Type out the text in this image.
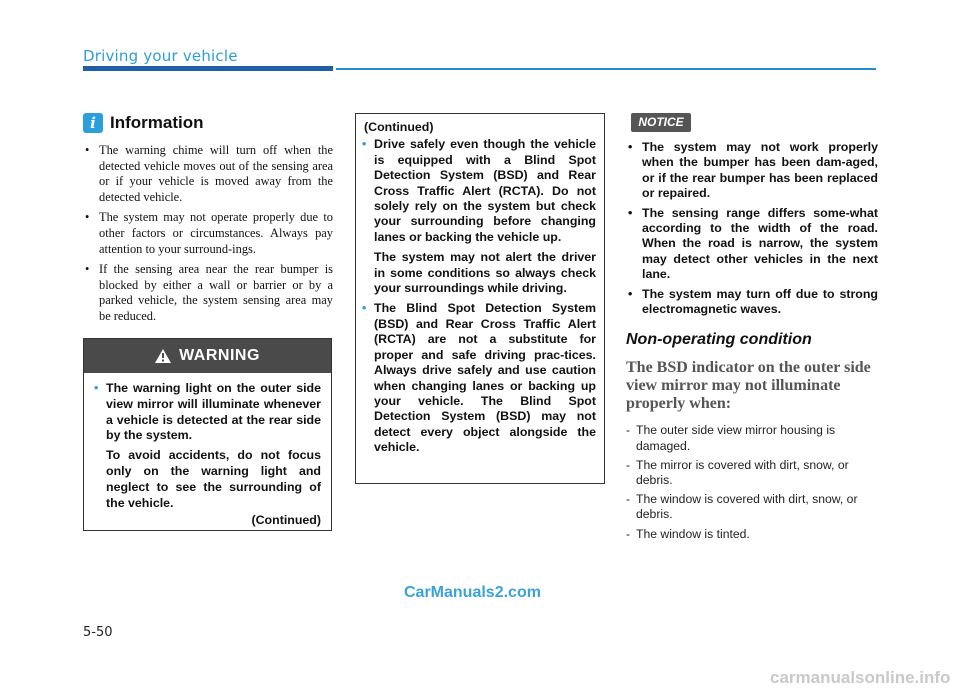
Driving your vehicle
i Information
• The warning chime will turn off when the detected vehicle moves out of the sensing area or if your vehicle is moved away from the detected vehicle.
• The system may not operate properly due to other factors or circumstances. Always pay attention to your surround-ings.
• If the sensing area near the rear bumper is blocked by either a wall or barrier or by a parked vehicle, the system sensing area may be reduced.
WARNING
• The warning light on the outer side view mirror will illuminate whenever a vehicle is detected at the rear side by the system.
To avoid accidents, do not focus only on the warning light and neglect to see the surrounding of the vehicle.
(Continued)
(Continued)
• Drive safely even though the vehicle is equipped with a Blind Spot Detection System (BSD) and Rear Cross Traffic Alert (RCTA). Do not solely rely on the system but check your surrounding before changing lanes or backing the vehicle up.
The system may not alert the driver in some conditions so always check your surroundings while driving.
• The Blind Spot Detection System (BSD) and Rear Cross Traffic Alert (RCTA) are not a substitute for proper and safe driving prac-tices. Always drive safely and use caution when changing lanes or backing up your vehicle. The Blind Spot Detection System (BSD) may not detect every object alongside the vehicle.
NOTICE
• The system may not work properly when the bumper has been dam-aged, or if the rear bumper has been replaced or repaired.
• The sensing range differs some-what according to the width of the road. When the road is narrow, the system may detect other vehicles in the next lane.
• The system may turn off due to strong electromagnetic waves.
Non-operating condition
The BSD indicator on the outer side view mirror may not illuminate properly when:
- The outer side view mirror housing is damaged.
- The mirror is covered with dirt, snow, or debris.
- The window is covered with dirt, snow, or debris.
- The window is tinted.
CarManuals2.com
5-50
carmanualsonline.info
